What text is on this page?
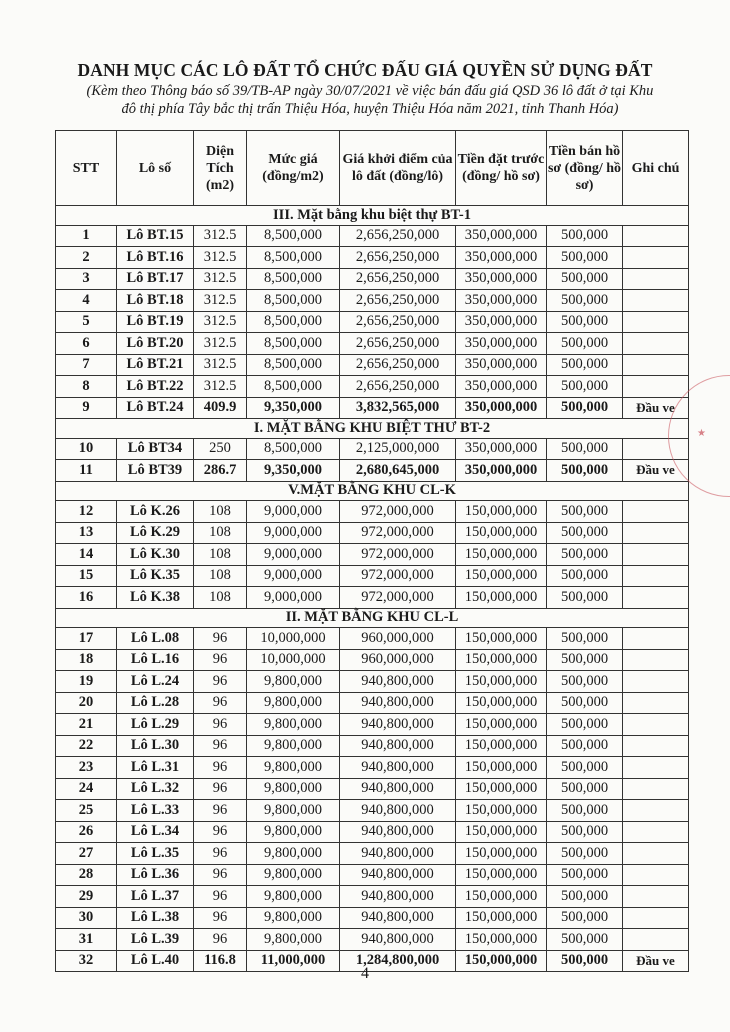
DANH MỤC CÁC LÔ ĐẤT TỔ CHỨC ĐẤU GIÁ QUYỀN SỬ DỤNG ĐẤT
(Kèm theo Thông báo số 39/TB-AP ngày 30/07/2021 về việc bán đấu giá QSD 36 lô đất ở tại Khu
đô thị phía Tây bắc thị trấn Thiệu Hóa, huyện Thiệu Hóa năm 2021, tỉnh Thanh Hóa)
STT	Lô số	Diện Tích (m2)	Mức giá (đồng/m2)	Giá khởi điểm của lô đất (đồng/lô)	Tiền đặt trước (đồng/ hồ sơ)	Tiền bán hồ sơ (đồng/ hồ sơ)	Ghi chú
III. Mặt bằng khu biệt thự BT-1							
1	Lô BT.15	312.5	8,500,000	2,656,250,000	350,000,000	500,000	
2	Lô BT.16	312.5	8,500,000	2,656,250,000	350,000,000	500,000	
3	Lô BT.17	312.5	8,500,000	2,656,250,000	350,000,000	500,000	
4	Lô BT.18	312.5	8,500,000	2,656,250,000	350,000,000	500,000	
5	Lô BT.19	312.5	8,500,000	2,656,250,000	350,000,000	500,000	
6	Lô BT.20	312.5	8,500,000	2,656,250,000	350,000,000	500,000	
7	Lô BT.21	312.5	8,500,000	2,656,250,000	350,000,000	500,000	
8	Lô BT.22	312.5	8,500,000	2,656,250,000	350,000,000	500,000	
9	Lô BT.24	409.9	9,350,000	3,832,565,000	350,000,000	500,000	Đầu ve
I. MẶT BẰNG KHU BIỆT THƯ BT-2							
10	Lô BT34	250	8,500,000	2,125,000,000	350,000,000	500,000	
11	Lô BT39	286.7	9,350,000	2,680,645,000	350,000,000	500,000	Đầu ve
V.MẶT BẰNG KHU CL-K							
12	Lô K.26	108	9,000,000	972,000,000	150,000,000	500,000	
13	Lô K.29	108	9,000,000	972,000,000	150,000,000	500,000	
14	Lô K.30	108	9,000,000	972,000,000	150,000,000	500,000	
15	Lô K.35	108	9,000,000	972,000,000	150,000,000	500,000	
16	Lô K.38	108	9,000,000	972,000,000	150,000,000	500,000	
II. MẶT BẰNG KHU CL-L							
17	Lô L.08	96	10,000,000	960,000,000	150,000,000	500,000	
18	Lô L.16	96	10,000,000	960,000,000	150,000,000	500,000	
19	Lô L.24	96	9,800,000	940,800,000	150,000,000	500,000	
20	Lô L.28	96	9,800,000	940,800,000	150,000,000	500,000	
21	Lô L.29	96	9,800,000	940,800,000	150,000,000	500,000	
22	Lô L.30	96	9,800,000	940,800,000	150,000,000	500,000	
23	Lô L.31	96	9,800,000	940,800,000	150,000,000	500,000	
24	Lô L.32	96	9,800,000	940,800,000	150,000,000	500,000	
25	Lô L.33	96	9,800,000	940,800,000	150,000,000	500,000	
26	Lô L.34	96	9,800,000	940,800,000	150,000,000	500,000	
27	Lô L.35	96	9,800,000	940,800,000	150,000,000	500,000	
28	Lô L.36	96	9,800,000	940,800,000	150,000,000	500,000	
29	Lô L.37	96	9,800,000	940,800,000	150,000,000	500,000	
30	Lô L.38	96	9,800,000	940,800,000	150,000,000	500,000	
31	Lô L.39	96	9,800,000	940,800,000	150,000,000	500,000	
32	Lô L.40	116.8	11,000,000	1,284,800,000	150,000,000	500,000	Đầu ve
★
4
